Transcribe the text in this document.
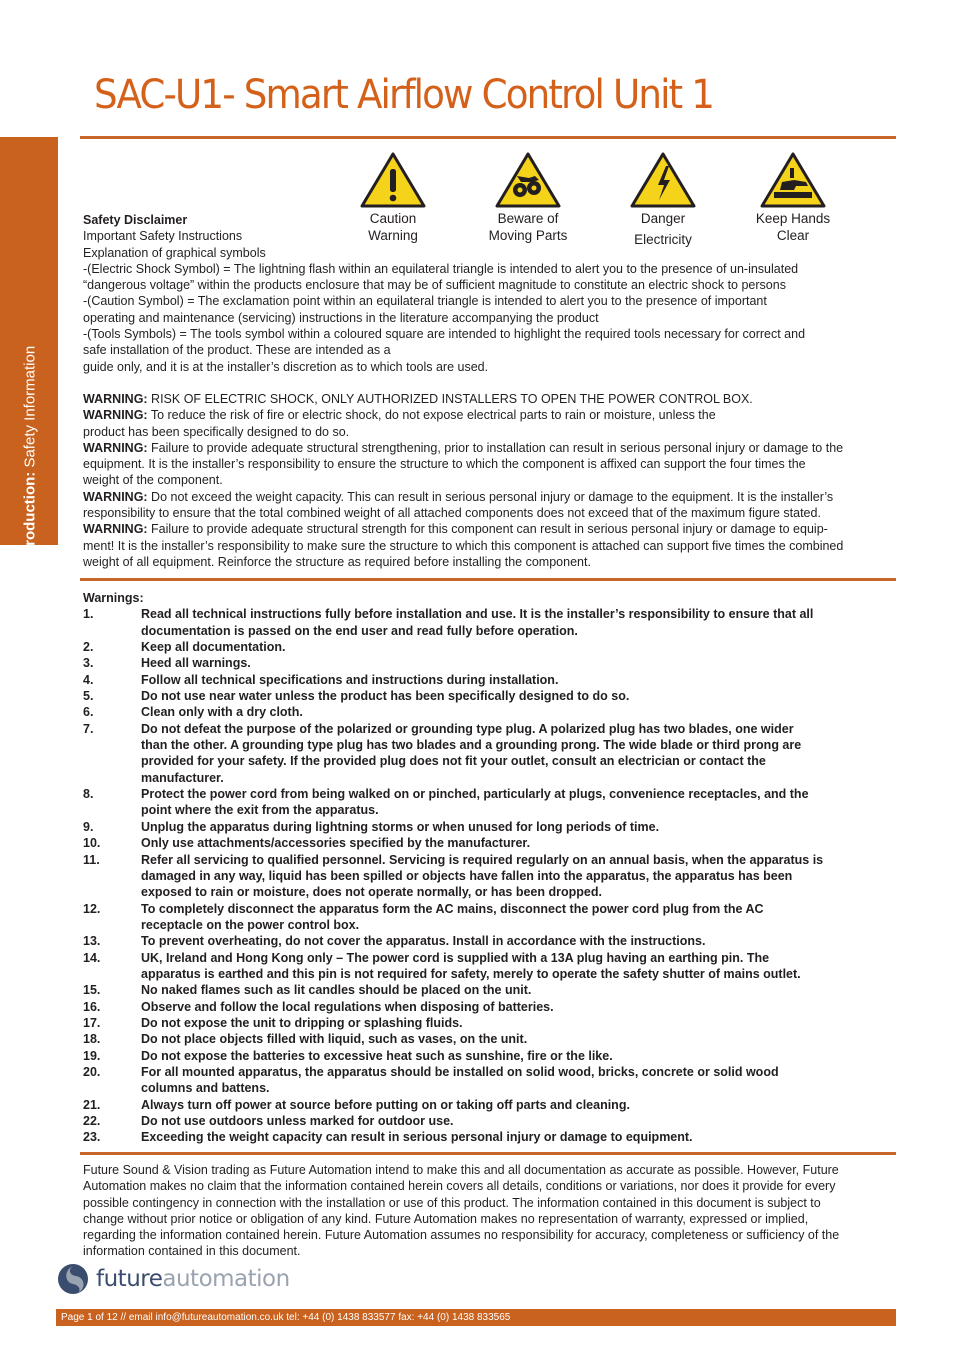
SAC-U1- Smart Airflow Control Unit 1
Introduction: Safety Information
Caution
Warning
Beware of
Moving Parts
Danger
Electricity
Keep Hands
Clear
Safety Disclaimer
Important Safety Instructions
Explanation of graphical symbols
-(Electric Shock Symbol) = The lightning flash within an equilateral triangle is intended to alert you to the presence of un-insulated
“dangerous voltage” within the products enclosure that may be of sufficient magnitude to constitute an electric shock to persons
-(Caution Symbol) = The exclamation point within an equilateral triangle is intended to alert you to the presence of important
operating and maintenance (servicing) instructions in the literature accompanying the product
-(Tools Symbols) = The tools symbol within a coloured square are intended to highlight the required tools necessary for correct and
safe installation of the product. These are intended as a
guide only, and it is at the installer’s discretion as to which tools are used.
WARNING: RISK OF ELECTRIC SHOCK, ONLY AUTHORIZED INSTALLERS TO OPEN THE POWER CONTROL BOX.
WARNING: To reduce the risk of fire or electric shock, do not expose electrical parts to rain or moisture, unless the
product has been specifically designed to do so.
WARNING: Failure to provide adequate structural strengthening, prior to installation can result in serious personal injury or damage to the
equipment. It is the installer’s responsibility to ensure the structure to which the component is affixed can support the four times the
weight of the component.
WARNING: Do not exceed the weight capacity. This can result in serious personal injury or damage to the equipment. It is the installer’s
responsibility to ensure that the total combined weight of all attached components does not exceed that of the maximum figure stated.
WARNING: Failure to provide adequate structural strength for this component can result in serious personal injury or damage to equip-
ment! It is the installer’s responsibility to make sure the structure to which this component is attached can support five times the combined
weight of all equipment. Reinforce the structure as required before installing the component.
Warnings:
1.	Read all technical instructions fully before installation and use. It is the installer’s responsibility to ensure that all
documentation is passed on the end user and read fully before operation.
2.	Keep all documentation.
3.	Heed all warnings.
4.	Follow all technical specifications and instructions during installation.
5.	Do not use near water unless the product has been specifically designed to do so.
6.	Clean only with a dry cloth.
7.	Do not defeat the purpose of the polarized or grounding type plug. A polarized plug has two blades, one wider
than the other. A grounding type plug has two blades and a grounding prong. The wide blade or third prong are
provided for your safety. If the provided plug does not fit your outlet, consult an electrician or contact the
manufacturer.
8.	Protect the power cord from being walked on or pinched, particularly at plugs, convenience receptacles, and the
point where the exit from the apparatus.
9.	Unplug the apparatus during lightning storms or when unused for long periods of time.
10.	Only use attachments/accessories specified by the manufacturer.
11.	Refer all servicing to qualified personnel. Servicing is required regularly on an annual basis, when the apparatus is
damaged in any way, liquid has been spilled or objects have fallen into the apparatus, the apparatus has been
exposed to rain or moisture, does not operate normally, or has been dropped.
12.	To completely disconnect the apparatus form the AC mains, disconnect the power cord plug from the AC
receptacle on the power control box.
13.	To prevent overheating, do not cover the apparatus. Install in accordance with the instructions.
14.	UK, Ireland and Hong Kong only – The power cord is supplied with a 13A plug having an earthing pin. The
apparatus is earthed and this pin is not required for safety, merely to operate the safety shutter of mains outlet.
15.	No naked flames such as lit candles should be placed on the unit.
16.	Observe and follow the local regulations when disposing of batteries.
17.	Do not expose the unit to dripping or splashing fluids.
18.	Do not place objects filled with liquid, such as vases, on the unit.
19.	Do not expose the batteries to excessive heat such as sunshine, fire or the like.
20.	For all mounted apparatus, the apparatus should be installed on solid wood, bricks, concrete or solid wood
columns and battens.
21.	Always turn off power at source before putting on or taking off parts and cleaning.
22.	Do not use outdoors unless marked for outdoor use.
23.	Exceeding the weight capacity can result in serious personal injury or damage to equipment.
Future Sound & Vision trading as Future Automation intend to make this and all documentation as accurate as possible. However, Future
Automation makes no claim that the information contained herein covers all details, conditions or variations, nor does it provide for every
possible contingency in connection with the installation or use of this product. The information contained in this document is subject to
change without prior notice or obligation of any kind. Future Automation makes no representation of warranty, expressed or implied,
regarding the information contained herein. Future Automation assumes no responsibility for accuracy, completeness or sufficiency of the
information contained in this document.
futureautomation
Page 1 of 12 // email info@futureautomation.co.uk tel: +44 (0) 1438 833577 fax: +44 (0) 1438 833565
